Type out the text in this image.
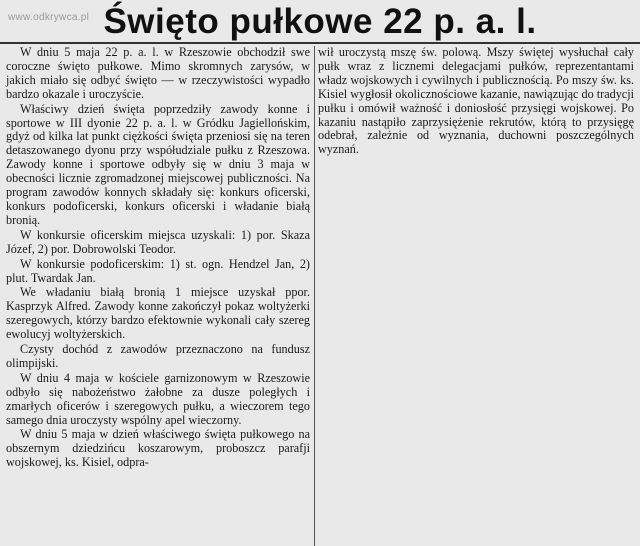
www.odkrywca.pl Święto pułkowe 22 p. a. l.

W dniu 5 maja 22 p. a. l. w Rzeszowie obchodził swe coroczne święto pułkowe. Mimo skromnych zarysów, w jakich miało się odbyć święto — w rzeczywistości wypadło bardzo okazale i uroczyście.

Właściwy dzień święta poprzedziły zawody konne i sportowe w III dyonie 22 p. a. l. w Gródku Jagiellońskim, gdyż od kilka lat punkt ciężkości święta przeniosi się na teren detaszowanego dyonu przy współudziale pułku z Rzeszowa. Zawody konne i sportowe odbyły się w dniu 3 maja w obecności licznie zgromadzonej miejscowej publiczności. Na program zawodów konnych składały się: konkurs oficerski, konkurs podoficerski, konkurs oficerski i władanie białą bronią.

W konkursie oficerskim miejsca uzyskali: 1) por. Skaza Józef, 2) por. Dobrowolski Teodor.

W konkursie podoficerskim: 1) st. ogn. Hendzel Jan, 2) plut. Twardak Jan.

We władaniu białą bronią 1 miejsce uzyskał ppor. Kasprzyk Alfred. Zawody konne zakończył pokaz woltyżerki szeregowych, którzy bardzo efektownie wykonali cały szereg ewolucyj woltyżerskich.

Czysty dochód z zawodów przeznaczono na fundusz olimpijski.

W dniu 4 maja w kościele garnizonowym w Rzeszowie odbyło się nabożeństwo żałobne za dusze poległych i zmarłych oficerów i szeregowych pułku, a wieczorem tego samego dnia uroczysty wspólny apel wieczorny.

W dniu 5 maja w dzień właściwego święta pułkowego na obszernym dziedzińcu koszarowym, proboszcz parafji wojskowej, ks. Kisiel, odpra-

wił uroczystą mszę św. polową. Mszy świętej wysłuchał cały pułk wraz z licznemi delegacjami pułków, reprezentantami władz wojskowych i cywilnych i publicznością. Po mszy św. ks. Kisiel wygłosił okolicznościowe kazanie, nawiązując do tradycji pułku i omówił ważność i doniosłość przysięgi wojskowej. Po kazaniu nastąpiło zaprzysiężenie rekrutów, którą to przysięgę odebrał, zależnie od wyznania, duchowni poszczególnych wyznań.
